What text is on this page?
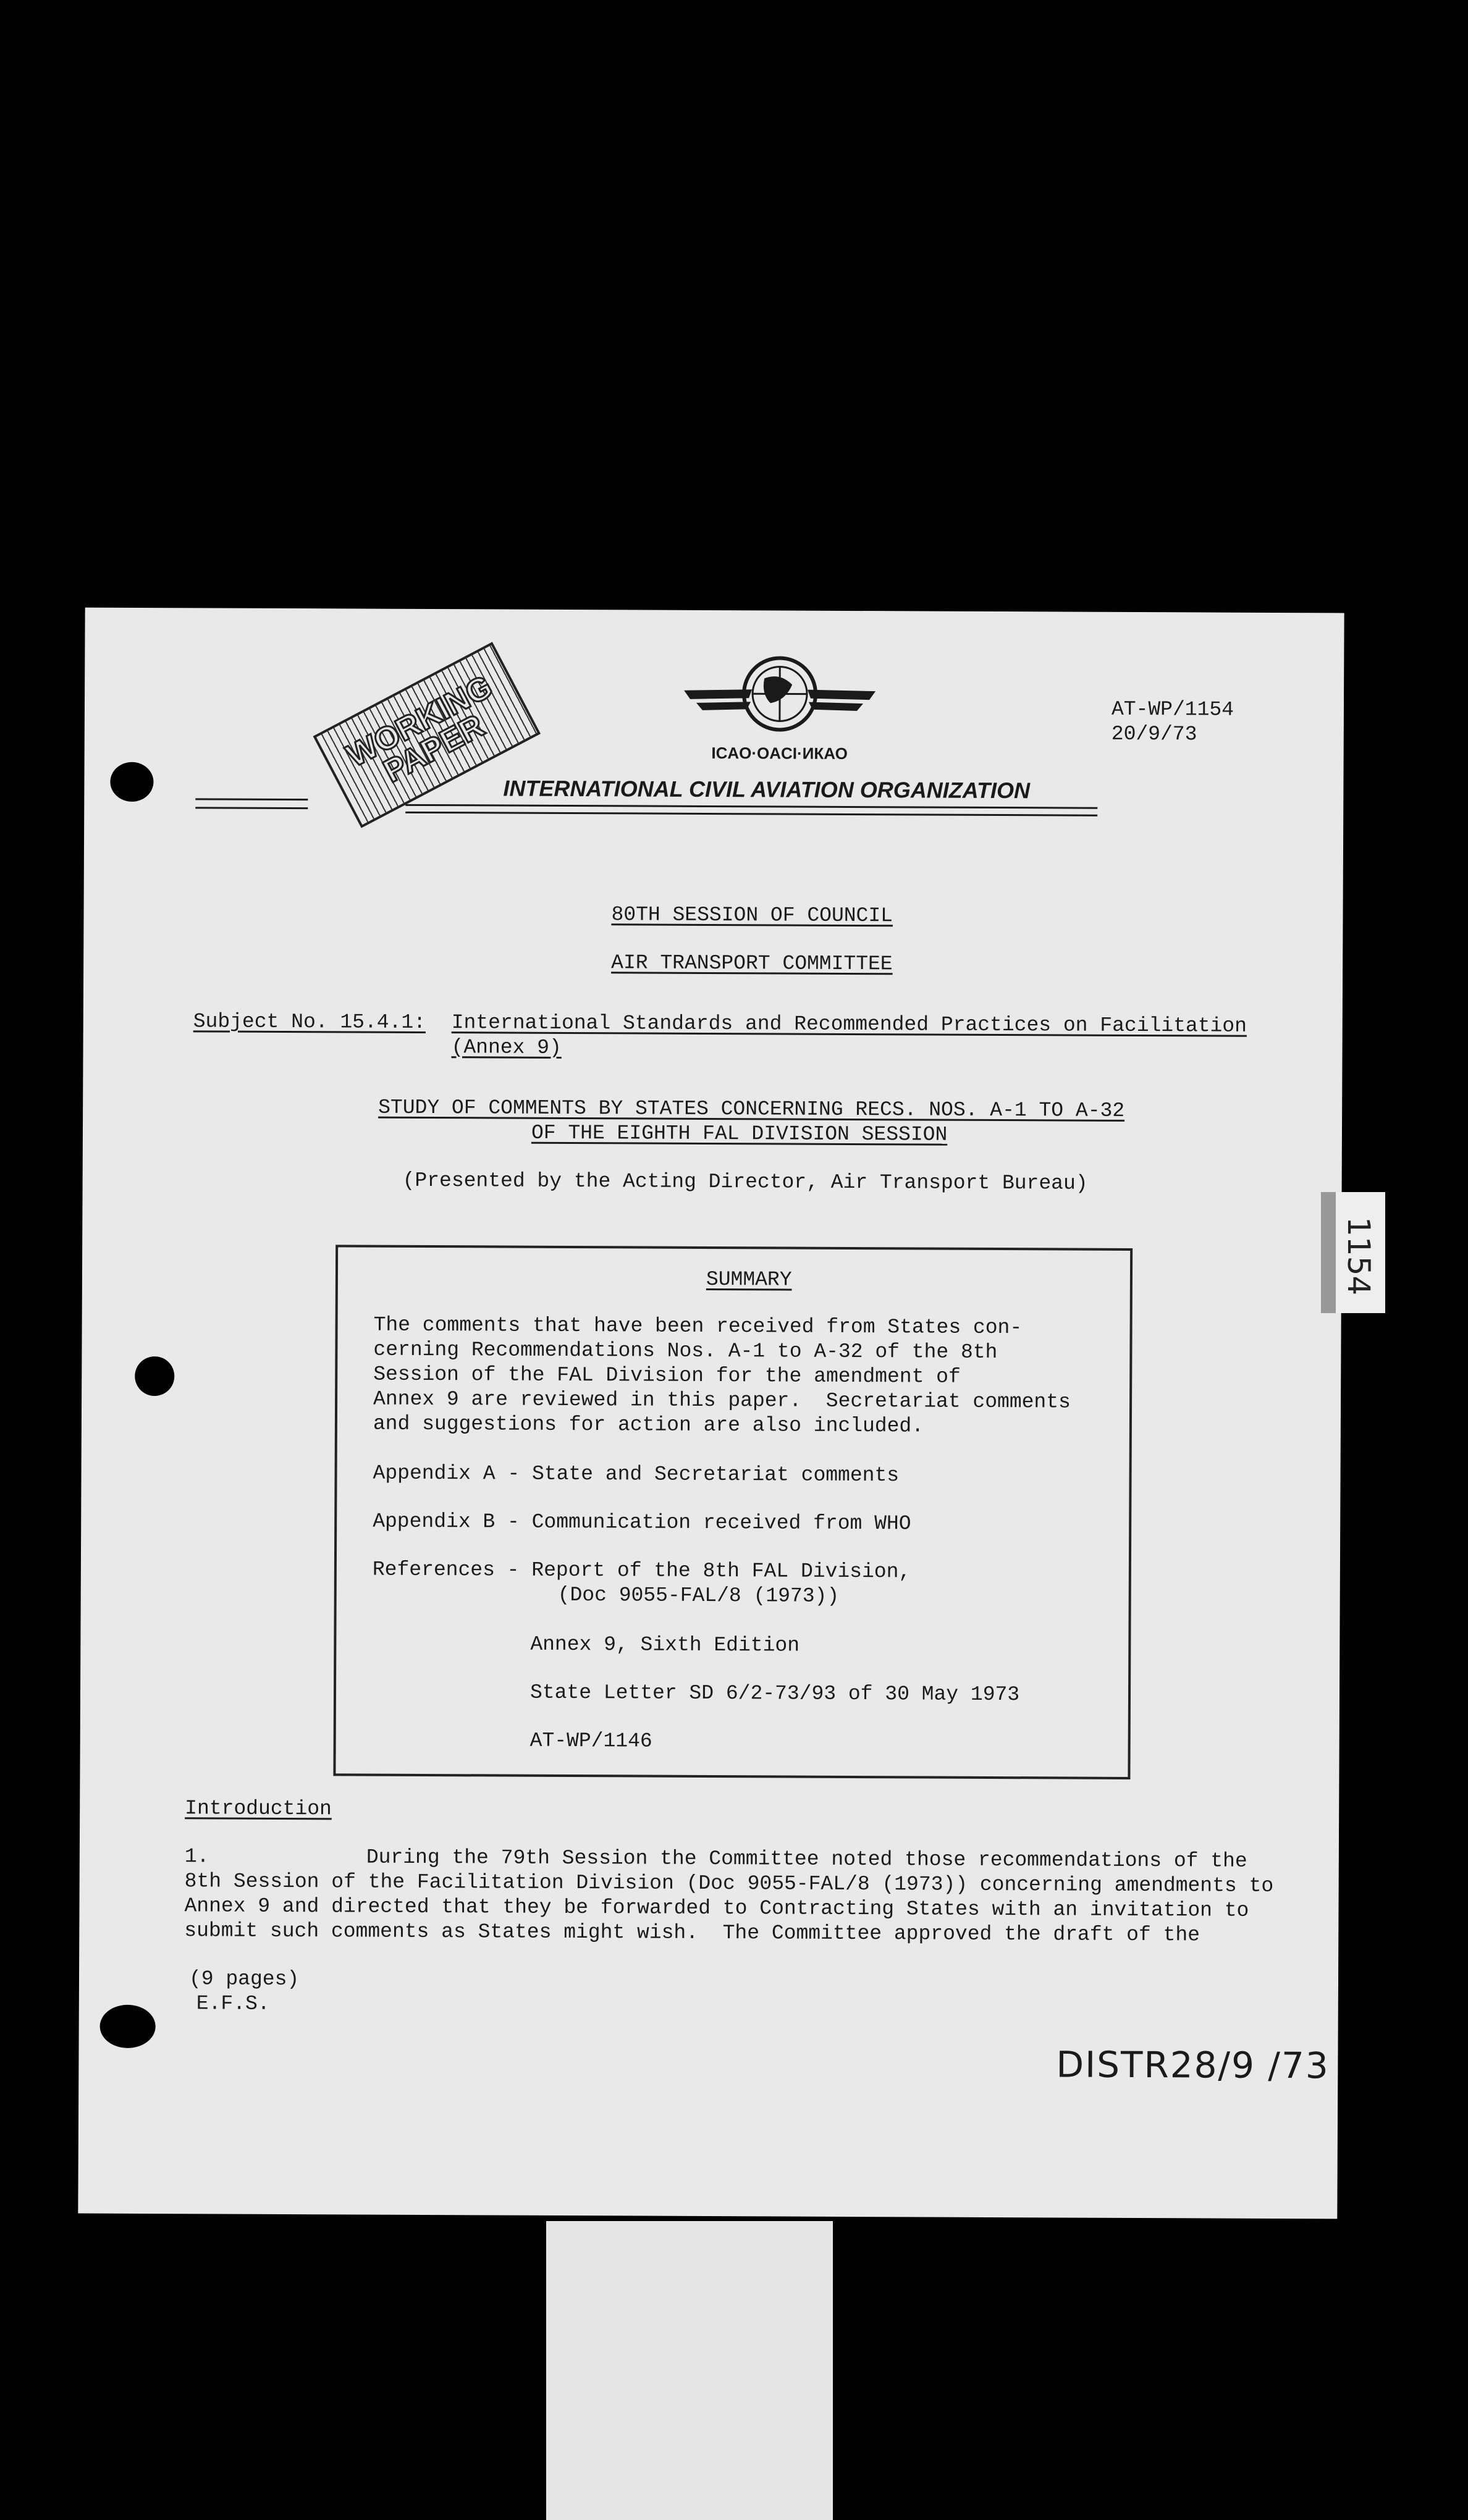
WORKING
PAPER	ICAO·OACI·ИКАО
INTERNATIONAL CIVIL AVIATION ORGANIZATION
AT-WP/1154
20/9/73
80TH SESSION OF COUNCIL
AIR TRANSPORT COMMITTEE
Subject No. 15.4.1: International Standards and Recommended Practices on Facilitation
(Annex 9)
STUDY OF COMMENTS BY STATES CONCERNING RECS. NOS. A-1 TO A-32
OF THE EIGHTH FAL DIVISION SESSION
(Presented by the Acting Director, Air Transport Bureau)
SUMMARY
The comments that have been received from States con-
cerning Recommendations Nos. A-1 to A-32 of the 8th
Session of the FAL Division for the amendment of
Annex 9 are reviewed in this paper.  Secretariat comments
and suggestions for action are also included.
Appendix A - State and Secretariat comments
Appendix B - Communication received from WHO
References - Report of the 8th FAL Division,
(Doc 9055-FAL/8 (1973))
Annex 9, Sixth Edition
State Letter SD 6/2-73/93 of 30 May 1973
AT-WP/1146
Introduction
1.	During the 79th Session the Committee noted those recommendations of the
8th Session of the Facilitation Division (Doc 9055-FAL/8 (1973)) concerning amendments to
Annex 9 and directed that they be forwarded to Contracting States with an invitation to
submit such comments as States might wish.  The Committee approved the draft of the
(9 pages)
E.F.S.
DISTR28/9 /73
1154
